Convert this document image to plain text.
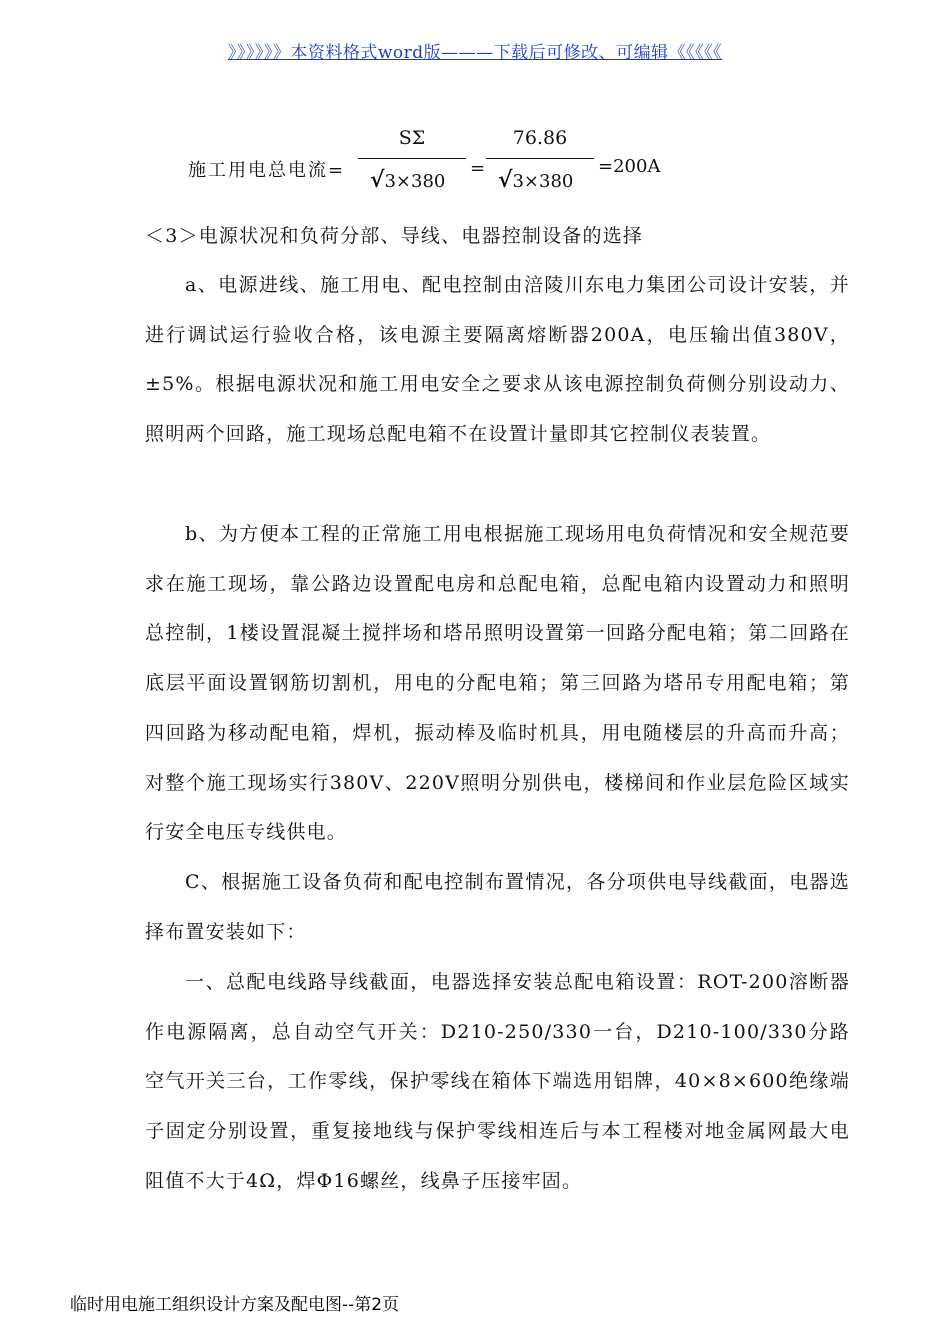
》》》》》》本资料格式word版———下载后可修改、可编辑《《《《《
施工用电总电流=
SΣ
√3×380
=
76.86
√3×380
=200A

＜3＞电源状况和负荷分部、导线、电器控制设备的选择

a、电源进线、施工用电、配电控制由涪陵川东电力集团公司设计安装，并进行调试运行验收合格，该电源主要隔离熔断器200A，电压输出值380V，±5%。根据电源状况和施工用电安全之要求从该电源控制负荷侧分别设动力、照明两个回路，施工现场总配电箱不在设置计量即其它控制仪表装置。

b、为方便本工程的正常施工用电根据施工现场用电负荷情况和安全规范要求在施工现场，靠公路边设置配电房和总配电箱，总配电箱内设置动力和照明总控制，1楼设置混凝土搅拌场和塔吊照明设置第一回路分配电箱；第二回路在底层平面设置钢筋切割机，用电的分配电箱；第三回路为塔吊专用配电箱；第四回路为移动配电箱，焊机，振动棒及临时机具，用电随楼层的升高而升高；对整个施工现场实行380V、220V照明分别供电，楼梯间和作业层危险区域实行安全电压专线供电。

C、根据施工设备负荷和配电控制布置情况，各分项供电导线截面，电器选择布置安装如下：

一、总配电线路导线截面，电器选择安装总配电箱设置：ROT-200溶断器作电源隔离，总自动空气开关：D210-250/330一台，D210-100/330分路空气开关三台，工作零线，保护零线在箱体下端选用铝牌，40×8×600绝缘端子固定分别设置，重复接地线与保护零线相连后与本工程楼对地金属网最大电阻值不大于4Ω，焊Φ16螺丝，线鼻子压接牢固。

临时用电施工组织设计方案及配电图--第2页
